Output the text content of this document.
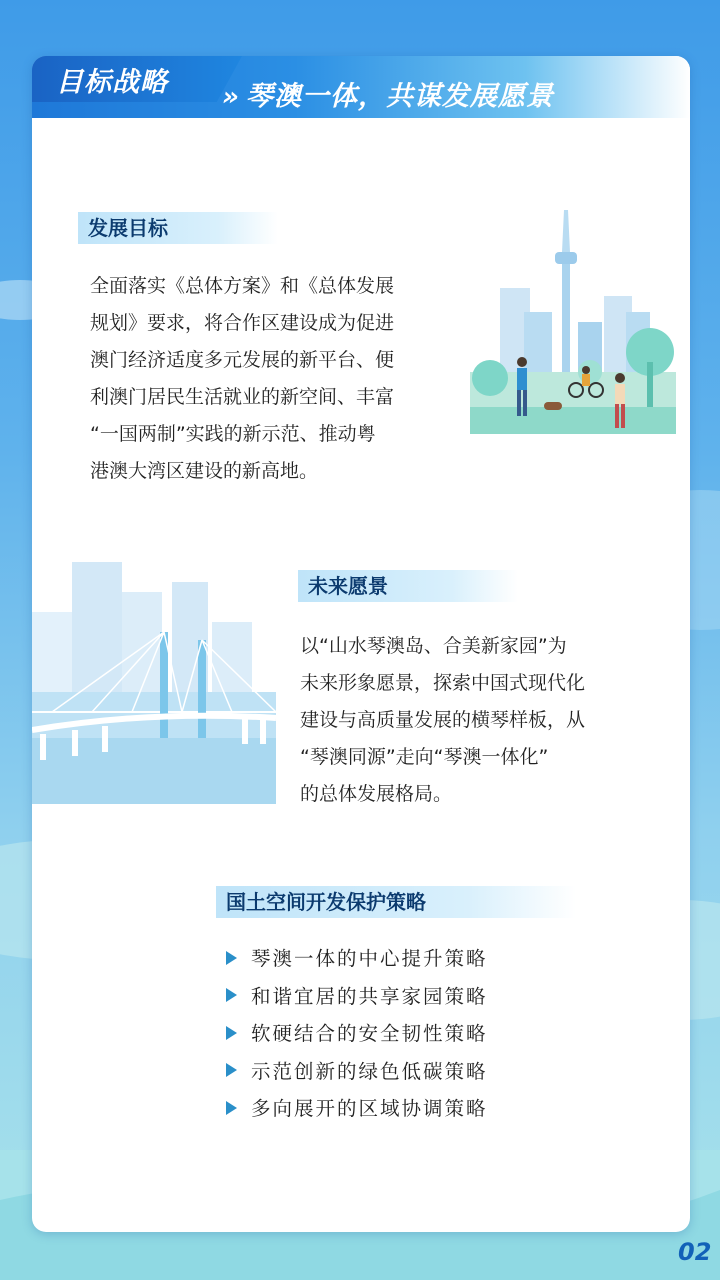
目标战略 » 琴澳一体，共谋发展愿景
发展目标
全面落实《总体方案》和《总体发展
规划》要求，将合作区建设成为促进
澳门经济适度多元发展的新平台、便
利澳门居民生活就业的新空间、丰富
“一国两制”实践的新示范、推动粤
港澳大湾区建设的新高地。
未来愿景
以“山水琴澳岛、合美新家园”为
未来形象愿景，探索中国式现代化
建设与高质量发展的横琴样板，从
“琴澳同源”走向“琴澳一体化”
的总体发展格局。
国土空间开发保护策略
琴澳一体的中心提升策略
和谐宜居的共享家园策略
软硬结合的安全韧性策略
示范创新的绿色低碳策略
多向展开的区域协调策略
02
